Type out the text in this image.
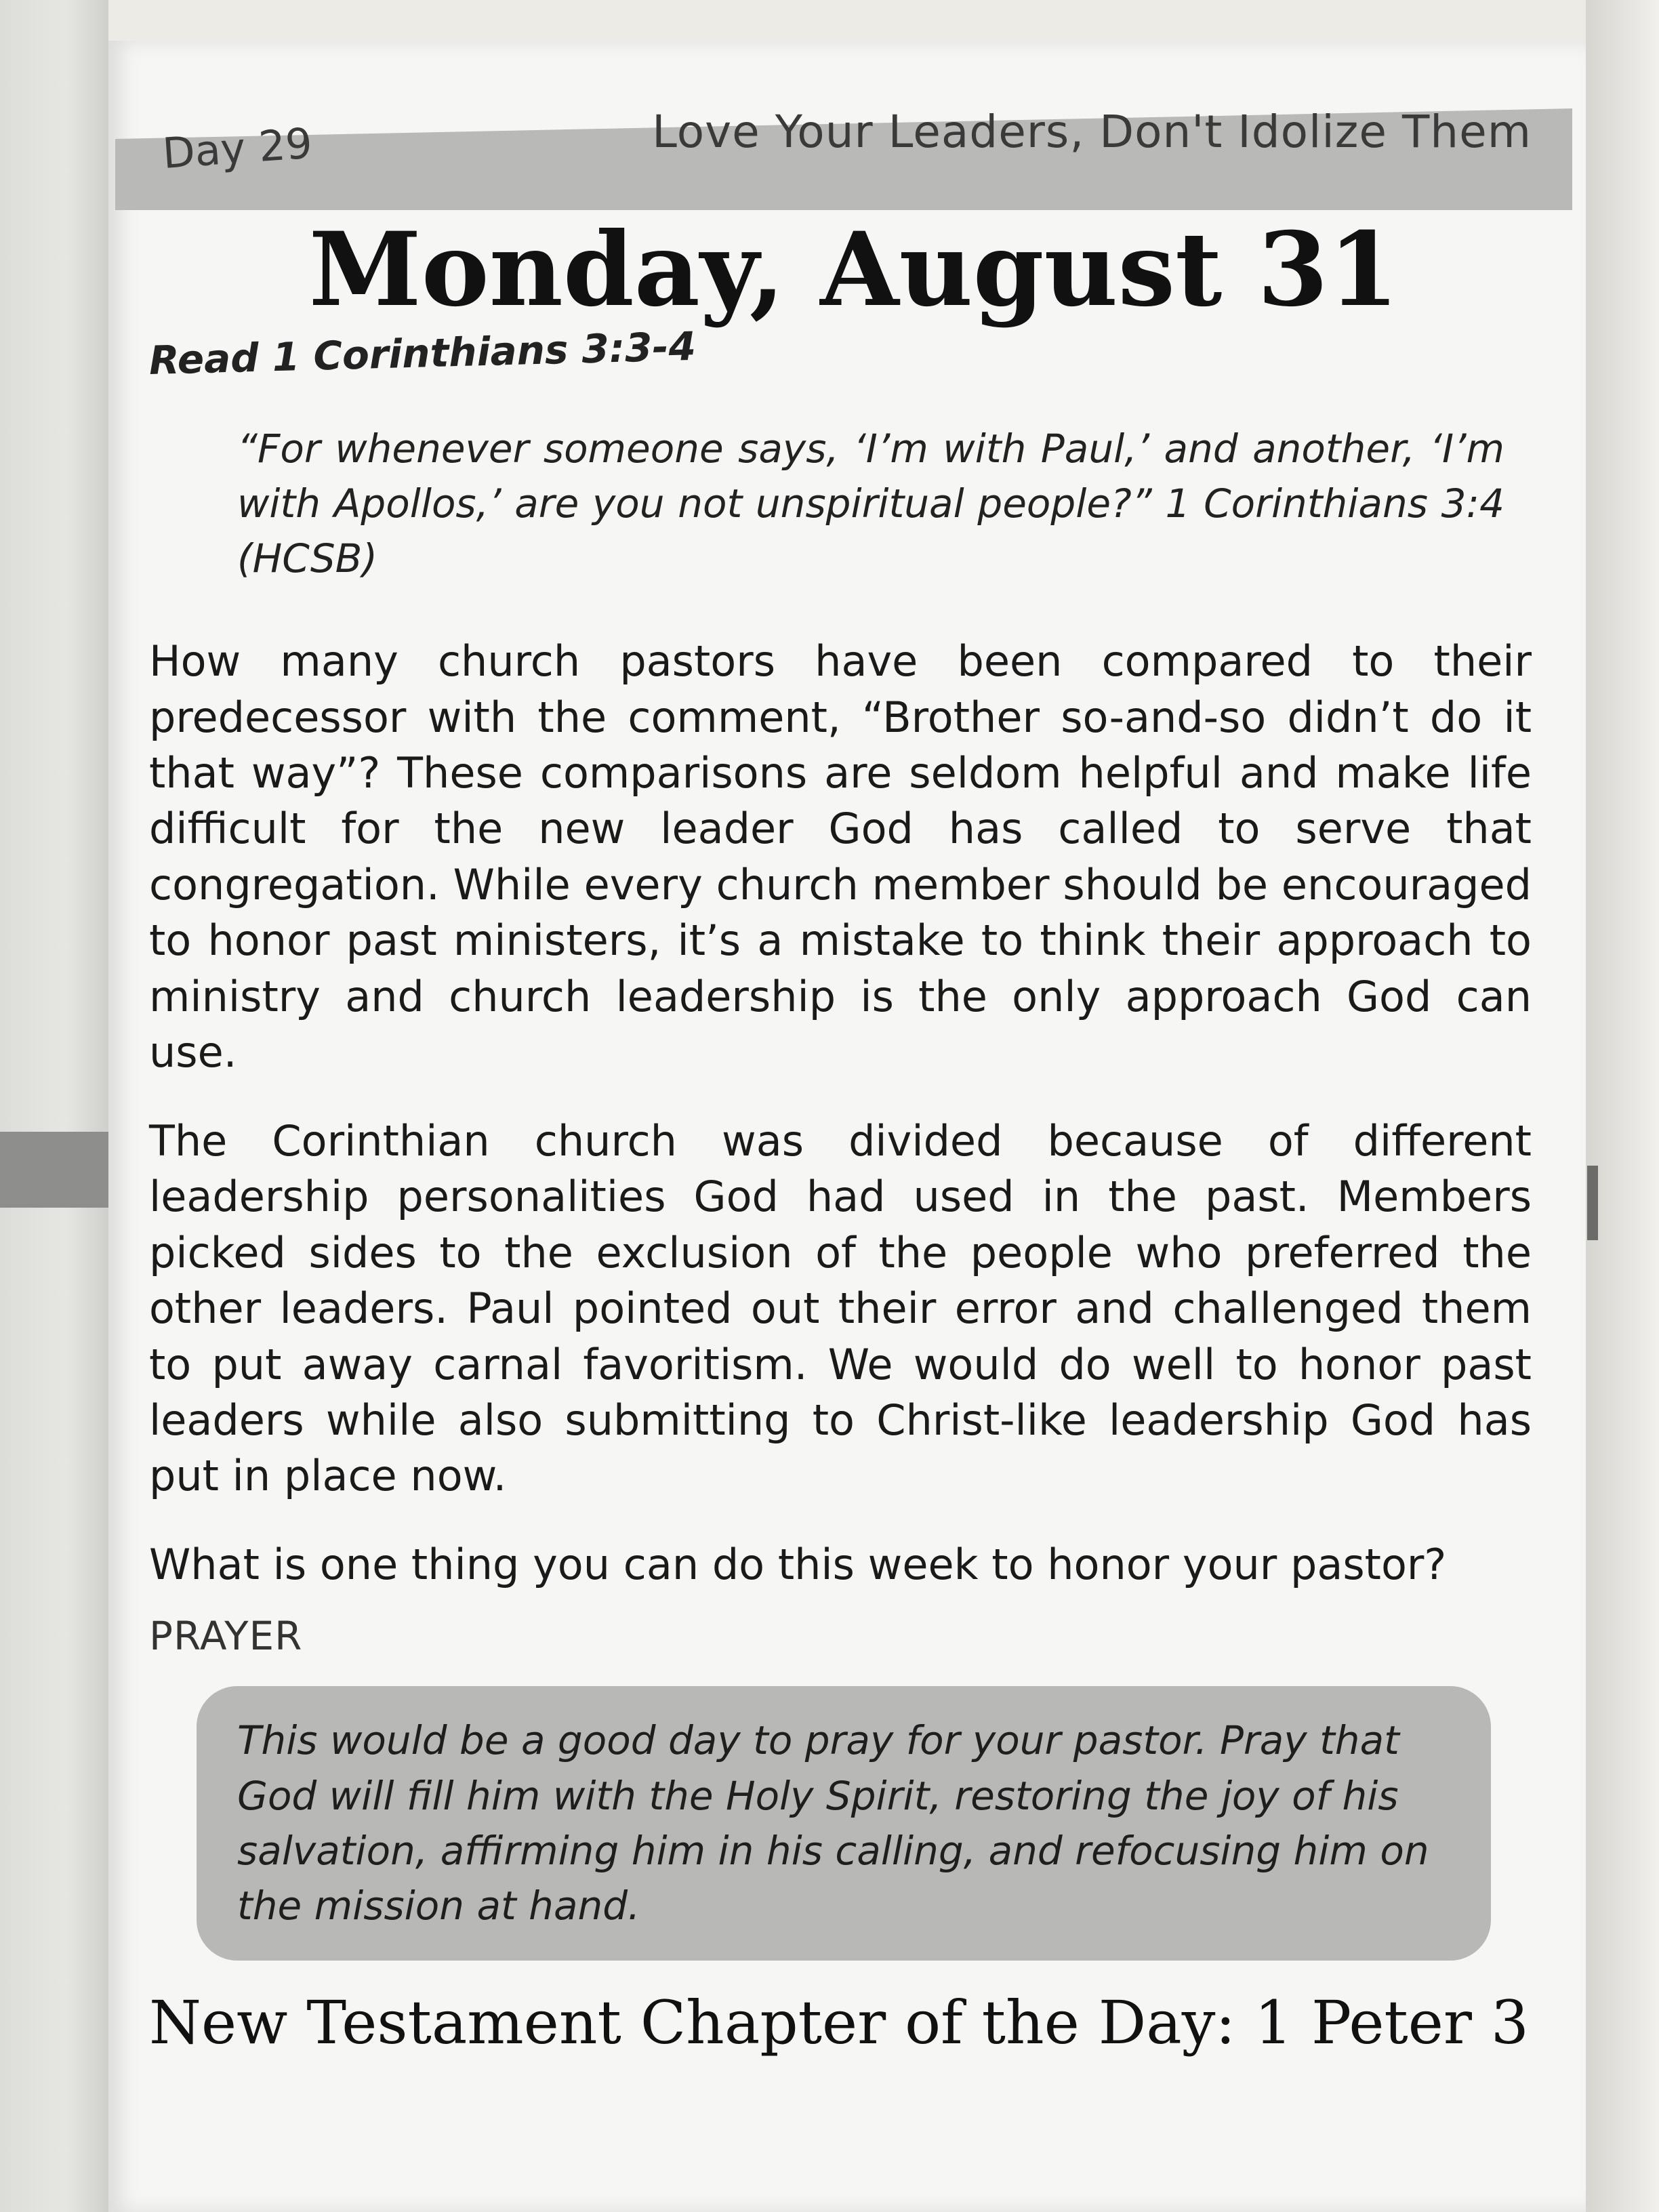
Day 29	Love Your Leaders, Don't Idolize Them
Monday, August 31
Read 1 Corinthians 3:3-4

“For whenever someone says, ‘I’m with Paul,’ and another, ‘I’m with Apollos,’ are you not unspiritual people?” 1 Corinthians 3:4 (HCSB)

How many church pastors have been compared to their predecessor with the comment, “Brother so-and-so didn’t do it that way”? These comparisons are seldom helpful and make life difficult for the new leader God has called to serve that congregation. While every church member should be encouraged to honor past ministers, it’s a mistake to think their approach to ministry and church leadership is the only approach God can use.

The Corinthian church was divided because of different leadership personalities God had used in the past. Members picked sides to the exclusion of the people who preferred the other leaders. Paul pointed out their error and challenged them to put away carnal favoritism. We would do well to honor past leaders while also submitting to Christ-like leadership God has put in place now.

What is one thing you can do this week to honor your pastor?

PRAYER

This would be a good day to pray for your pastor. Pray that God will fill him with the Holy Spirit, restoring the joy of his salvation, affirming him in his calling, and refocusing him on the mission at hand.

New Testament Chapter of the Day: 1 Peter 3
